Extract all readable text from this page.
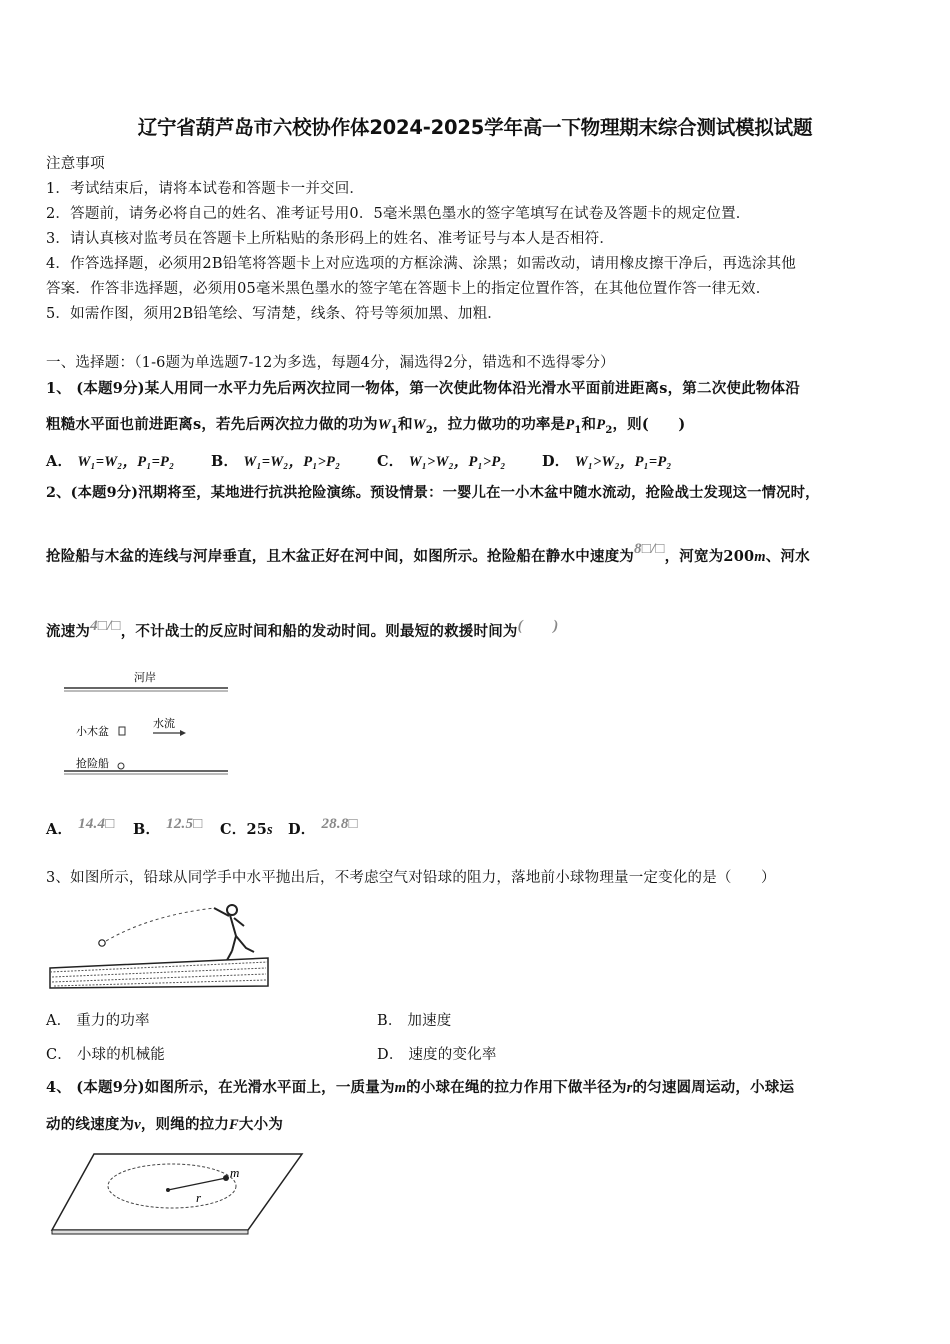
辽宁省葫芦岛市六校协作体2024-2025学年高一下物理期末综合测试模拟试题
注意事项
1．考试结束后，请将本试卷和答题卡一并交回．
2．答题前，请务必将自己的姓名、准考证号用0．5毫米黑色墨水的签字笔填写在试卷及答题卡的规定位置．
3．请认真核对监考员在答题卡上所粘贴的条形码上的姓名、准考证号与本人是否相符．
4．作答选择题，必须用2B铅笔将答题卡上对应选项的方框涂满、涂黑；如需改动，请用橡皮擦干净后，再选涂其他
答案．作答非选择题，必须用05毫米黑色墨水的签字笔在答题卡上的指定位置作答，在其他位置作答一律无效．
5．如需作图，须用2B铅笔绘、写清楚，线条、符号等须加黑、加粗．
一、选择题：（1-6题为单选题7-12为多选，每题4分，漏选得2分，错选和不选得零分）
1、 (本题9分)某人用同一水平力先后两次拉同一物体，第一次使此物体沿光滑水平面前进距离s，第二次使此物体沿
粗糙水平面也前进距离s，若先后两次拉力做的功为$W_1$和$W_2$，拉力做功的功率是$P_1$和$P_2$，则(　　)
A． W₁=W₂，P₁=P₂	B． W₁=W₂，P₁>P₂	C． W₁>W₂，P₁>P₂	D． W₁>W₂，P₁=P₂
2、(本题9分)汛期将至，某地进行抗洪抢险演练。预设情景：一婴儿在一小木盆中随水流动，抢险战士发现这一情况时，
抢险船与木盆的连线与河岸垂直，且木盆正好在河中间，如图所示。抢险船在静水中速度为8□/□，河宽为200m、河水
流速为4□/□，不计战士的反应时间和船的发动时间。则最短的救援时间为(　　)
河岸
小木盆
水流
抢险船
A． 14.4□ B． 12.5□ C．25s D． 28.8□
3、如图所示，铅球从同学手中水平抛出后，不考虑空气对铅球的阻力，落地前小球物理量一定变化的是（　　）
A． 重力的功率	B． 加速度
C． 小球的机械能	D． 速度的变化率
4、 (本题9分)如图所示，在光滑水平面上，一质量为m的小球在绳的拉力作用下做半径为r的匀速圆周运动，小球运
动的线速度为v，则绳的拉力F大小为
m
r
